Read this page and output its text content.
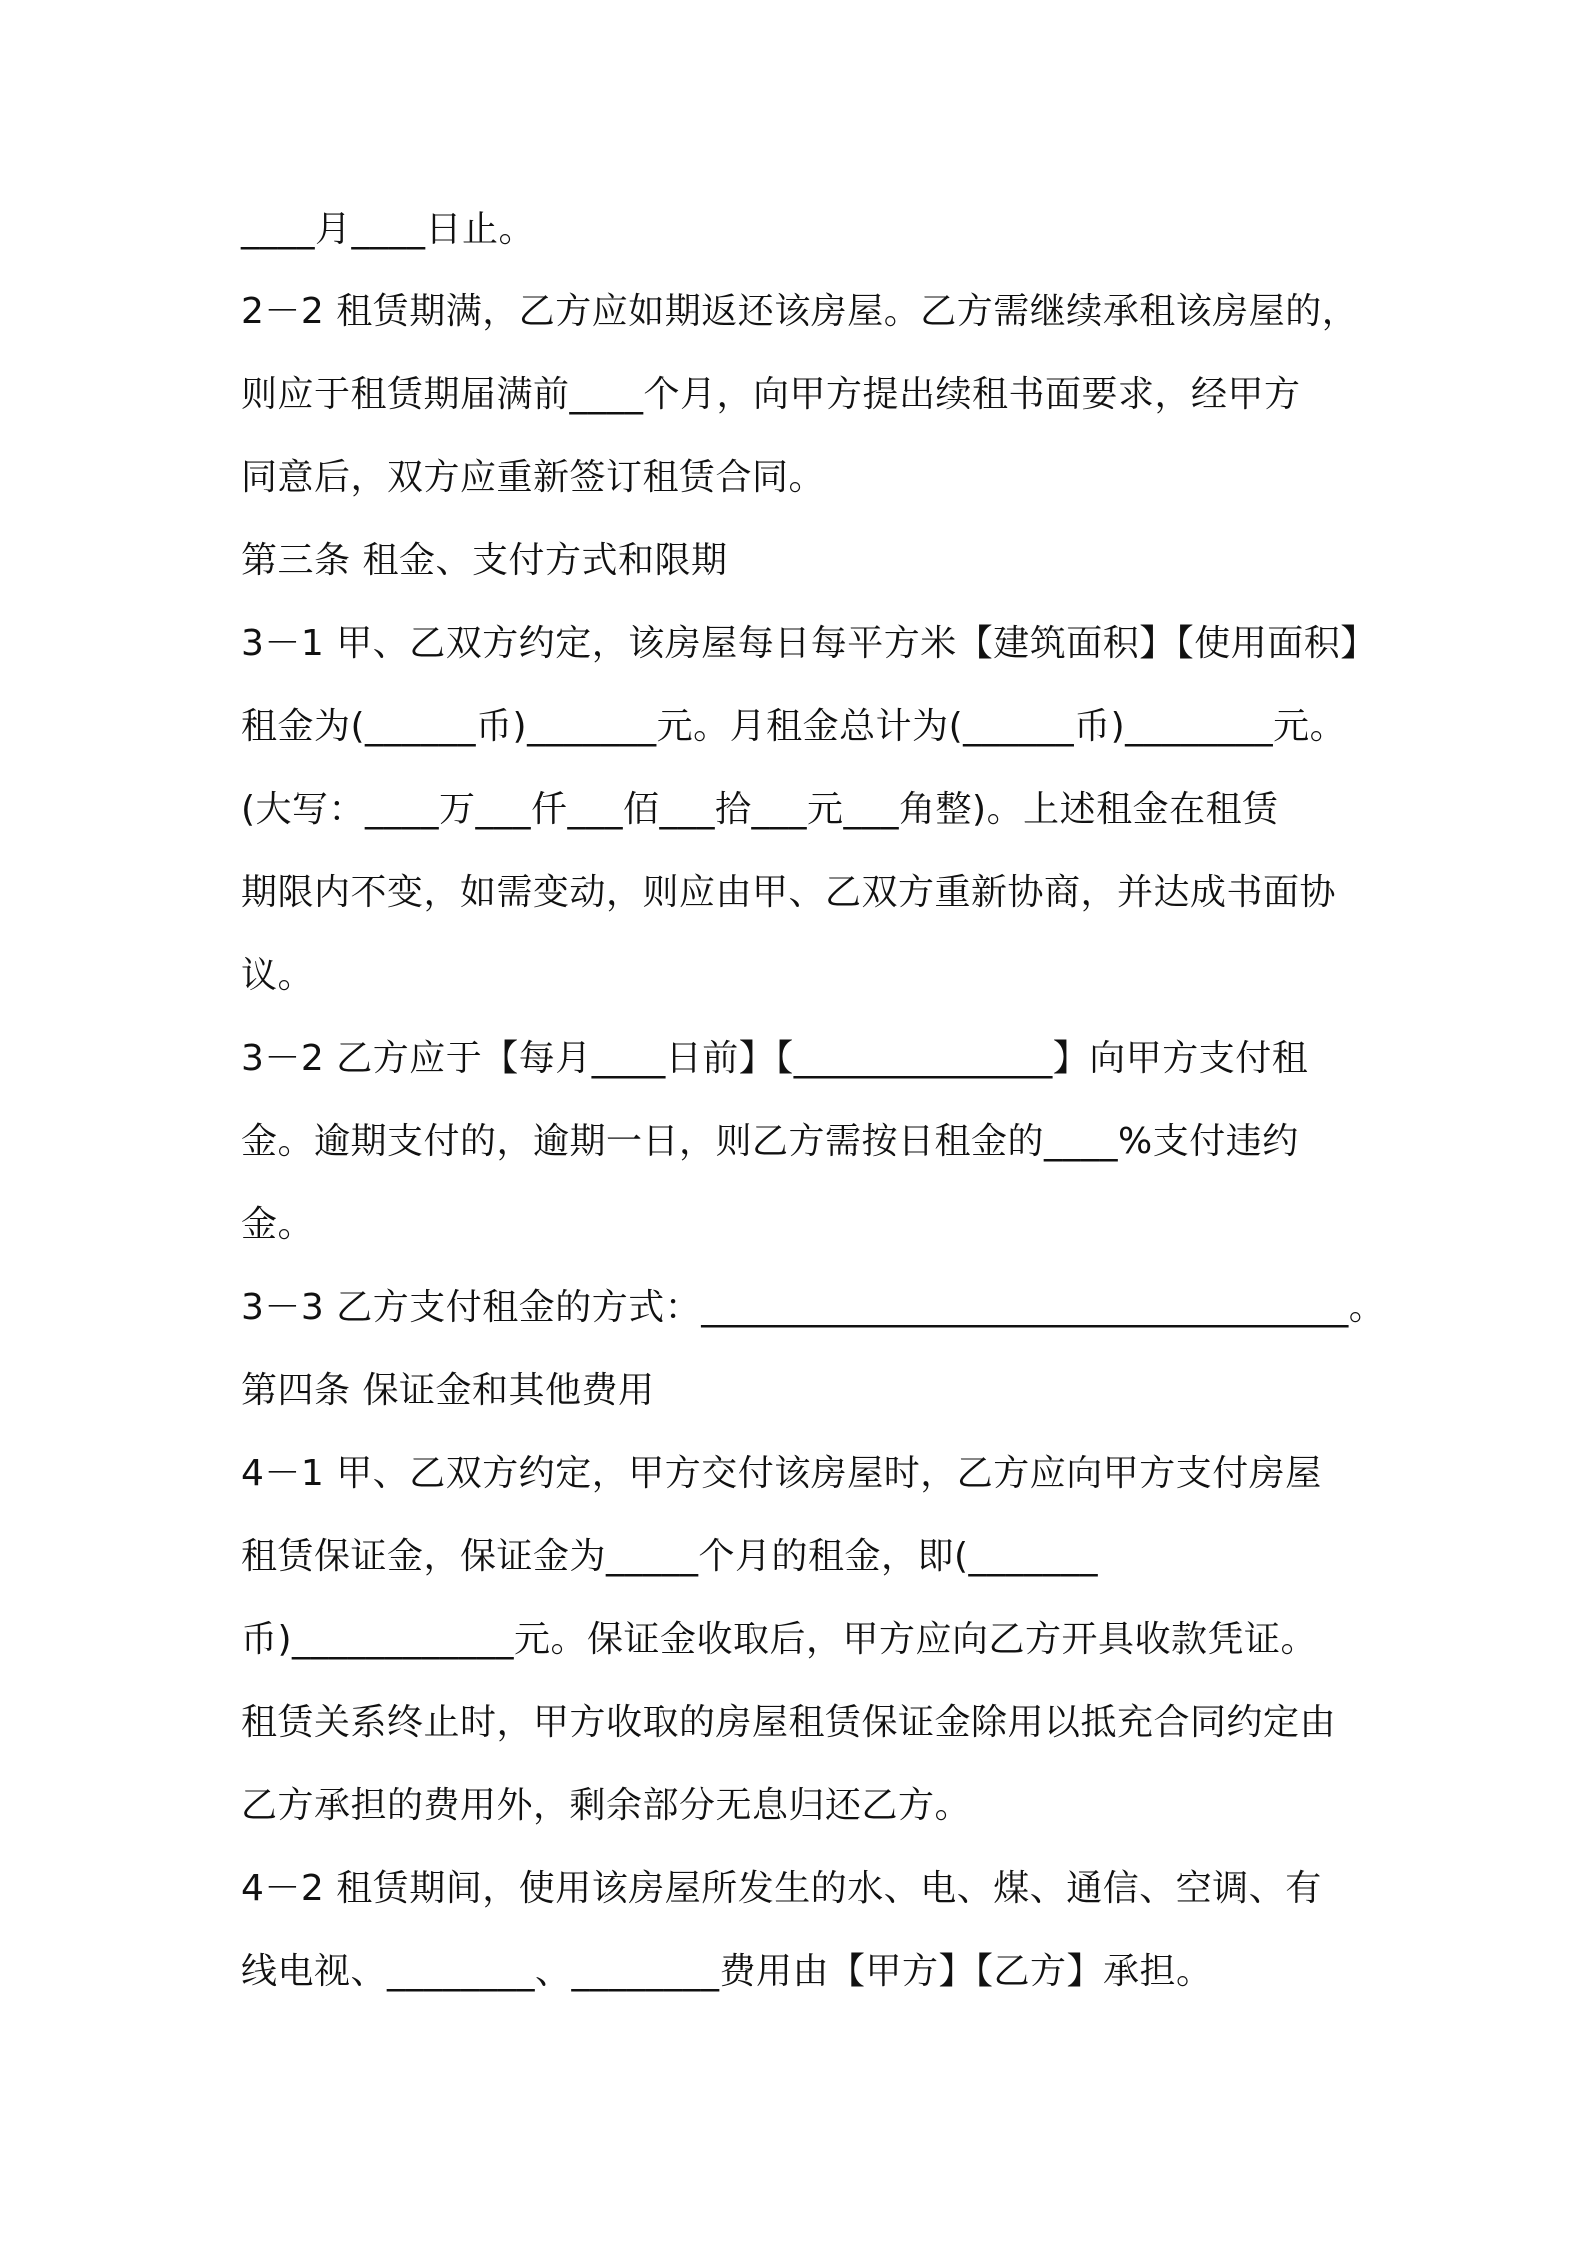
____月____日止。
2－2 租赁期满，乙方应如期返还该房屋。乙方需继续承租该房屋的，
则应于租赁期届满前____个月，向甲方提出续租书面要求，经甲方
同意后，双方应重新签订租赁合同。
第三条 租金、支付方式和限期
3－1 甲、乙双方约定，该房屋每日每平方米【建筑面积】【使用面积】
租金为(______币)_______元。月租金总计为(______币)________元。
(大写：____万___仟___佰___拾___元___角整)。上述租金在租赁
期限内不变，如需变动，则应由甲、乙双方重新协商，并达成书面协
议。
3－2 乙方应于【每月____日前】【______________】向甲方支付租
金。逾期支付的，逾期一日，则乙方需按日租金的____%支付违约
金。
3－3 乙方支付租金的方式：___________________________________。
第四条 保证金和其他费用
4－1 甲、乙双方约定，甲方交付该房屋时，乙方应向甲方支付房屋
租赁保证金，保证金为_____个月的租金，即(_______
币)____________元。保证金收取后，甲方应向乙方开具收款凭证。
租赁关系终止时，甲方收取的房屋租赁保证金除用以抵充合同约定由
乙方承担的费用外，剩余部分无息归还乙方。
4－2 租赁期间，使用该房屋所发生的水、电、煤、通信、空调、有
线电视、________、________费用由【甲方】【乙方】承担。
